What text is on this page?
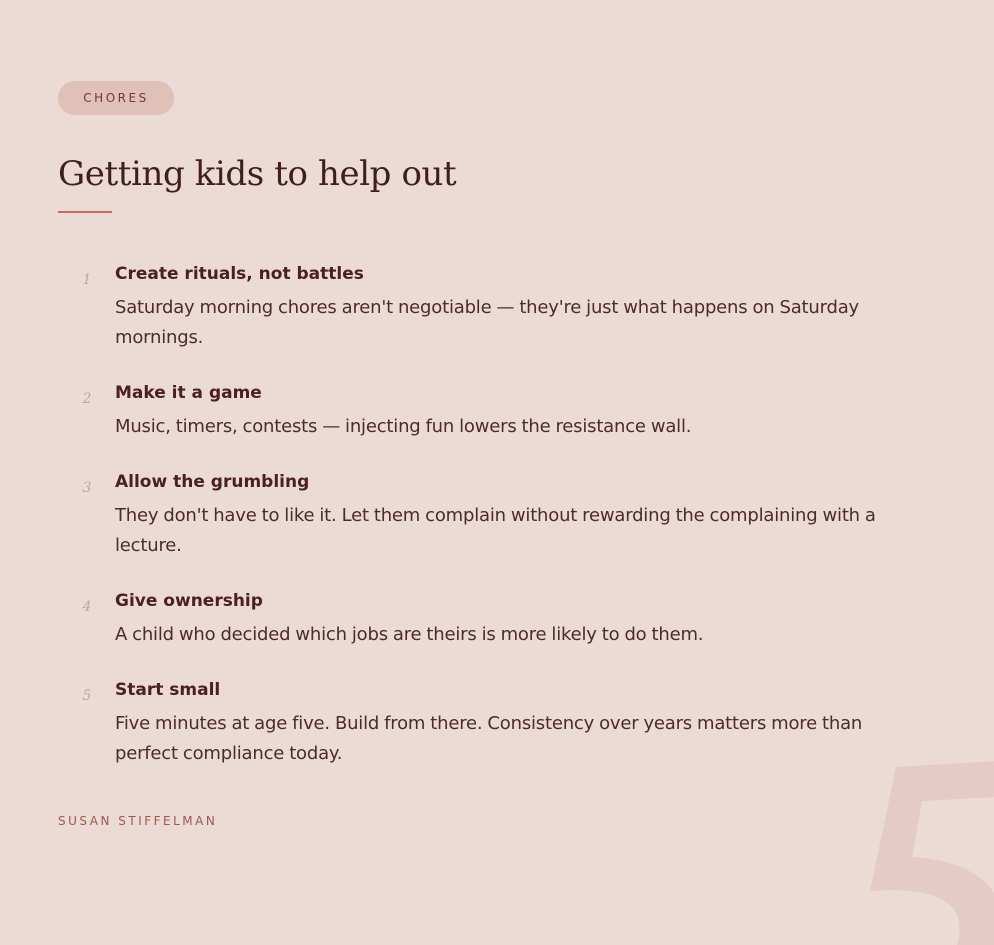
CHORES
Getting kids to help out
1 Create rituals, not battles
Saturday morning chores aren't negotiable — they're just what happens on Saturday mornings.
2 Make it a game
Music, timers, contests — injecting fun lowers the resistance wall.
3 Allow the grumbling
They don't have to like it. Let them complain without rewarding the complaining with a lecture.
4 Give ownership
A child who decided which jobs are theirs is more likely to do them.
5 Start small
Five minutes at age five. Build from there. Consistency over years matters more than perfect compliance today.
SUSAN STIFFELMAN
